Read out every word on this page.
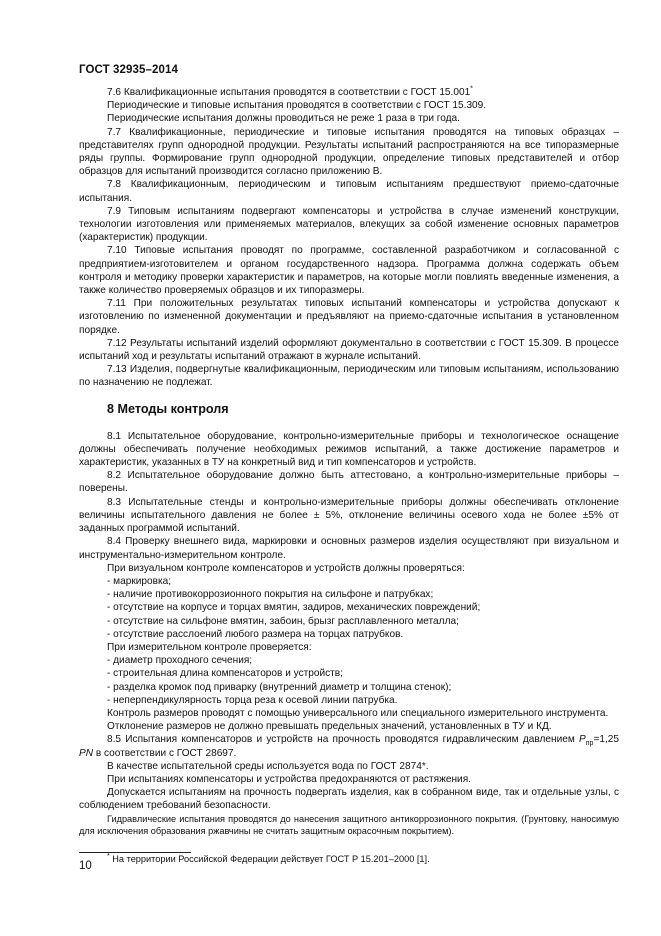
ГОСТ 32935–2014

7.6 Квалификационные испытания проводятся в соответствии с ГОСТ 15.001*

Периодические и типовые испытания проводятся в соответствии с ГОСТ 15.309.

Периодические испытания должны проводиться не реже 1 раза в три года.

7.7 Квалификационные, периодические и типовые испытания проводятся на типовых образцах – представителях групп однородной продукции. Результаты испытаний распространяются на все типоразмерные ряды группы. Формирование групп однородной продукции, определение типовых представителей и отбор образцов для испытаний производится согласно приложению В.

7.8 Квалификационным, периодическим и типовым испытаниям предшествуют приемо-сдаточные испытания.

7.9 Типовым испытаниям подвергают компенсаторы и устройства в случае изменений конструкции, технологии изготовления или применяемых материалов, влекущих за собой изменение основных параметров (характеристик) продукции.

7.10 Типовые испытания проводят по программе, составленной разработчиком и согласованной с предприятием-изготовителем и органом государственного надзора. Программа должна содержать объем контроля и методику проверки характеристик и параметров, на которые могли повлиять введенные изменения, а также количество проверяемых образцов и их типоразмеры.

7.11 При положительных результатах типовых испытаний компенсаторы и устройства допускают к изготовлению по измененной документации и предъявляют на приемо-сдаточные испытания в установленном порядке.

7.12 Результаты испытаний изделий оформляют документально в соответствии с ГОСТ 15.309. В процессе испытаний ход и результаты испытаний отражают в журнале испытаний.

7.13 Изделия, подвергнутые квалификационным, периодическим или типовым испытаниям, использованию по назначению не подлежат.

8 Методы контроля

8.1 Испытательное оборудование, контрольно-измерительные приборы и технологическое оснащение должны обеспечивать получение необходимых режимов испытаний, а также достижение параметров и характеристик, указанных в ТУ на конкретный вид и тип компенсаторов и устройств.

8.2 Испытательное оборудование должно быть аттестовано, а контрольно-измерительные приборы – поверены.

8.3 Испытательные стенды и контрольно-измерительные приборы должны обеспечивать отклонение величины испытательного давления не более ± 5%, отклонение величины осевого хода не более ±5% от заданных программой испытаний.

8.4 Проверку внешнего вида, маркировки и основных размеров изделия осуществляют при визуальном и инструментально-измерительном контроле.

При визуальном контроле компенсаторов и устройств должны проверяться:

- маркировка;

- наличие противокоррозионного покрытия на сильфоне и патрубках;

- отсутствие на корпусе и торцах вмятин, задиров, механических повреждений;

- отсутствие на сильфоне вмятин, забоин, брызг расплавленного металла;

- отсутствие расслоений любого размера на торцах патрубков.

При измерительном контроле проверяется:

- диаметр проходного сечения;

- строительная длина компенсаторов и устройств;

- разделка кромок под приварку (внутренний диаметр и толщина стенок);

- неперпендикулярность торца реза к осевой линии патрубка.

Контроль размеров проводят с помощью универсального или специального измерительного инструмента.

Отклонение размеров не должно превышать предельных значений, установленных в ТУ и КД.

8.5 Испытания компенсаторов и устройств на прочность проводятся гидравлическим давлением $P_{пр}=1,25$ PN в соответствии с ГОСТ 28697.

В качестве испытательной среды используется вода по ГОСТ 2874*.

При испытаниях компенсаторы и устройства предохраняются от растяжения.

Допускается испытаниям на прочность подвергать изделия, как в собранном виде, так и отдельные узлы, с соблюдением требований безопасности.

Гидравлические испытания проводятся до нанесения защитного антикоррозионного покрытия. (Грунтовку, наносимую для исключения образования ржавчины не считать защитным окрасочным покрытием).

* На территории Российской Федерации действует ГОСТ Р 15.201–2000 [1].

10
